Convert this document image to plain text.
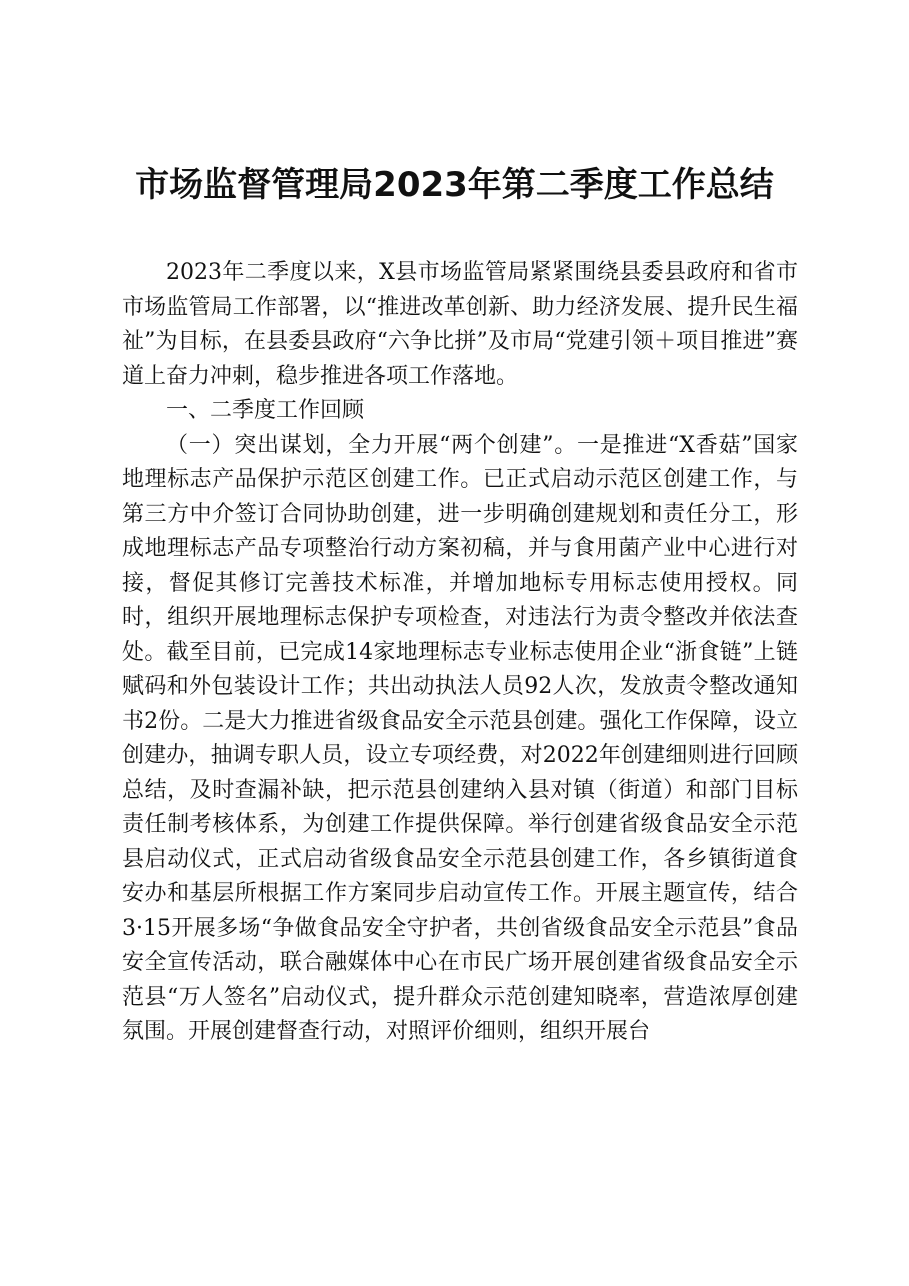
市场监督管理局2023年第二季度工作总结

2023年二季度以来，X县市场监管局紧紧围绕县委县政府和省市市场监管局工作部署，以“推进改革创新、助力经济发展、提升民生福祉”为目标，在县委县政府“六争比拼”及市局“党建引领＋项目推进”赛道上奋力冲刺，稳步推进各项工作落地。

一、二季度工作回顾

（一）突出谋划，全力开展“两个创建”。一是推进“X香菇”国家地理标志产品保护示范区创建工作。已正式启动示范区创建工作，与第三方中介签订合同协助创建，进一步明确创建规划和责任分工，形成地理标志产品专项整治行动方案初稿，并与食用菌产业中心进行对接，督促其修订完善技术标准，并增加地标专用标志使用授权。同时，组织开展地理标志保护专项检查，对违法行为责令整改并依法查处。截至目前，已完成14家地理标志专业标志使用企业“浙食链”上链赋码和外包装设计工作；共出动执法人员92人次，发放责令整改通知书2份。二是大力推进省级食品安全示范县创建。强化工作保障，设立创建办，抽调专职人员，设立专项经费，对2022年创建细则进行回顾总结，及时查漏补缺，把示范县创建纳入县对镇（街道）和部门目标责任制考核体系，为创建工作提供保障。举行创建省级食品安全示范县启动仪式，正式启动省级食品安全示范县创建工作，各乡镇街道食安办和基层所根据工作方案同步启动宣传工作。开展主题宣传，结合3·15开展多场“争做食品安全守护者，共创省级食品安全示范县”食品安全宣传活动，联合融媒体中心在市民广场开展创建省级食品安全示范县“万人签名”启动仪式，提升群众示范创建知晓率，营造浓厚创建氛围。开展创建督查行动，对照评价细则，组织开展台
